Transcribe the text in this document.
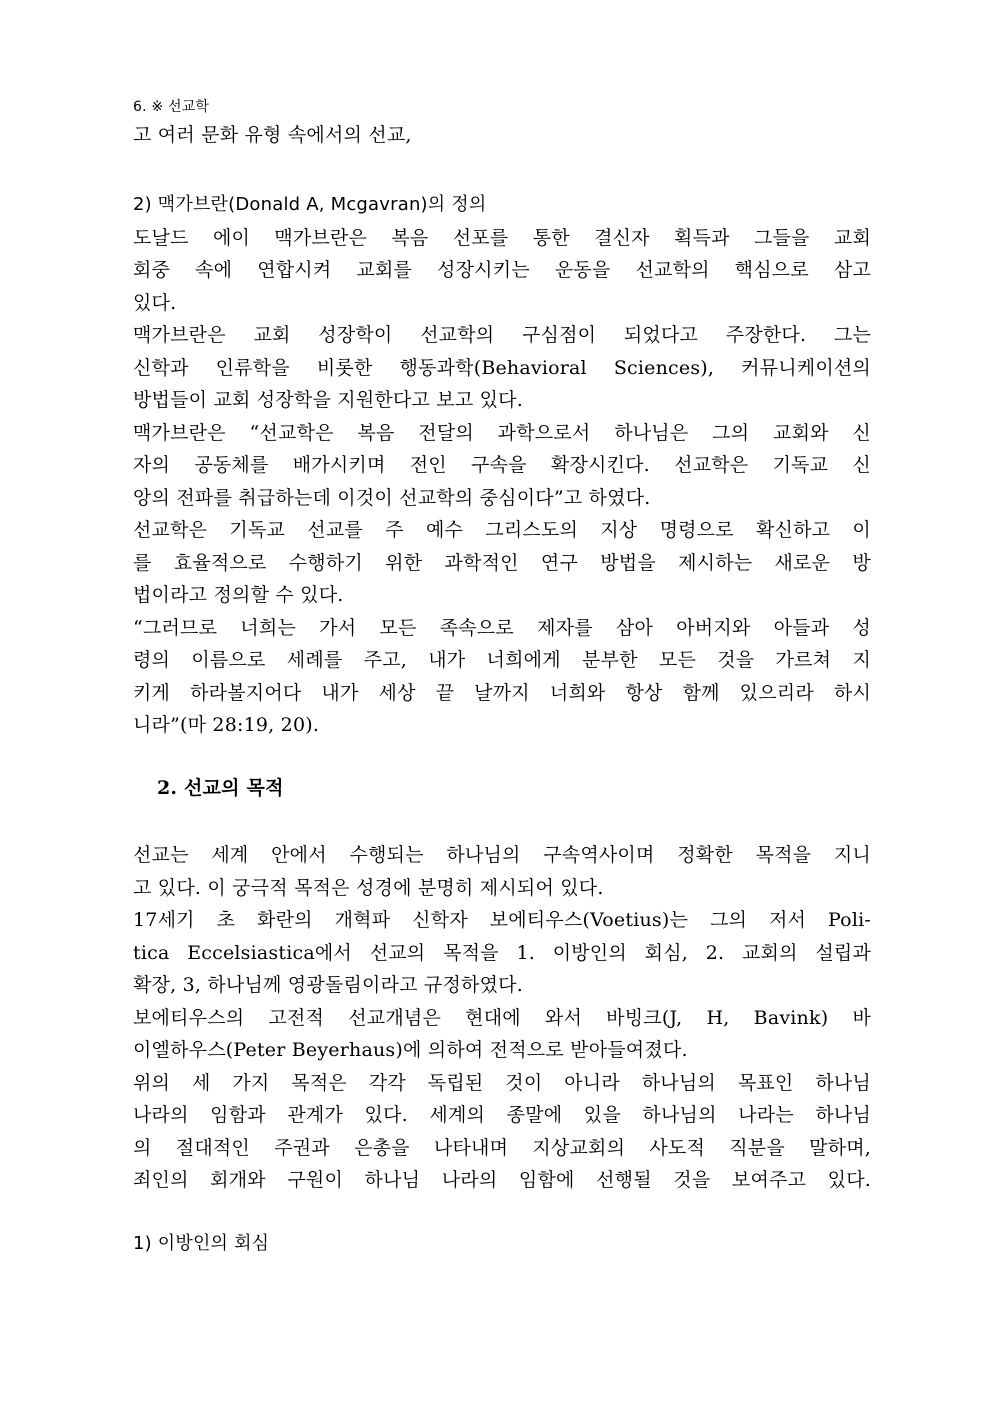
6. ※ 선교학
고 여러 문화 유형 속에서의 선교,
2) 맥가브란(Donald A, Mcgavran)의 정의
도날드 에이 맥가브란은 복음 선포를 통한 결신자 획득과 그들을 교회
회중 속에 연합시켜 교회를 성장시키는 운동을 선교학의 핵심으로 삼고
있다.
맥가브란은 교회 성장학이 선교학의 구심점이 되었다고 주장한다. 그는
신학과 인류학을 비롯한 행동과학(Behavioral Sciences), 커뮤니케이션의
방법들이 교회 성장학을 지원한다고 보고 있다.
맥가브란은 “선교학은 복음 전달의 과학으로서 하나님은 그의 교회와 신
자의 공동체를 배가시키며 전인 구속을 확장시킨다. 선교학은 기독교 신
앙의 전파를 취급하는데 이것이 선교학의 중심이다”고 하였다.
선교학은 기독교 선교를 주 예수 그리스도의 지상 명령으로 확신하고 이
를 효율적으로 수행하기 위한 과학적인 연구 방법을 제시하는 새로운 방
법이라고 정의할 수 있다.
“그러므로 너희는 가서 모든 족속으로 제자를 삼아 아버지와 아들과 성
령의 이름으로 세례를 주고, 내가 너희에게 분부한 모든 것을 가르쳐 지
키게 하라볼지어다 내가 세상 끝 날까지 너희와 항상 함께 있으리라 하시
니라”(마 28:19, 20).
2. 선교의 목적
선교는 세계 안에서 수행되는 하나님의 구속역사이며 정확한 목적을 지니
고 있다. 이 궁극적 목적은 성경에 분명히 제시되어 있다.
17세기 초 화란의 개혁파 신학자 보에티우스(Voetius)는 그의 저서 Poli-
tica Eccelsiastica에서 선교의 목적을 1. 이방인의 회심, 2. 교회의 설립과
확장, 3, 하나님께 영광돌림이라고 규정하였다.
보에티우스의 고전적 선교개념은 현대에 와서 바빙크(J, H, Bavink) 바
이엘하우스(Peter Beyerhaus)에 의하여 전적으로 받아들여졌다.
위의 세 가지 목적은 각각 독립된 것이 아니라 하나님의 목표인 하나님
나라의 임함과 관계가 있다. 세계의 종말에 있을 하나님의 나라는 하나님
의 절대적인 주권과 은총을 나타내며 지상교회의 사도적 직분을 말하며,
죄인의 회개와 구원이 하나님 나라의 임함에 선행될 것을 보여주고 있다.
1) 이방인의 회심
